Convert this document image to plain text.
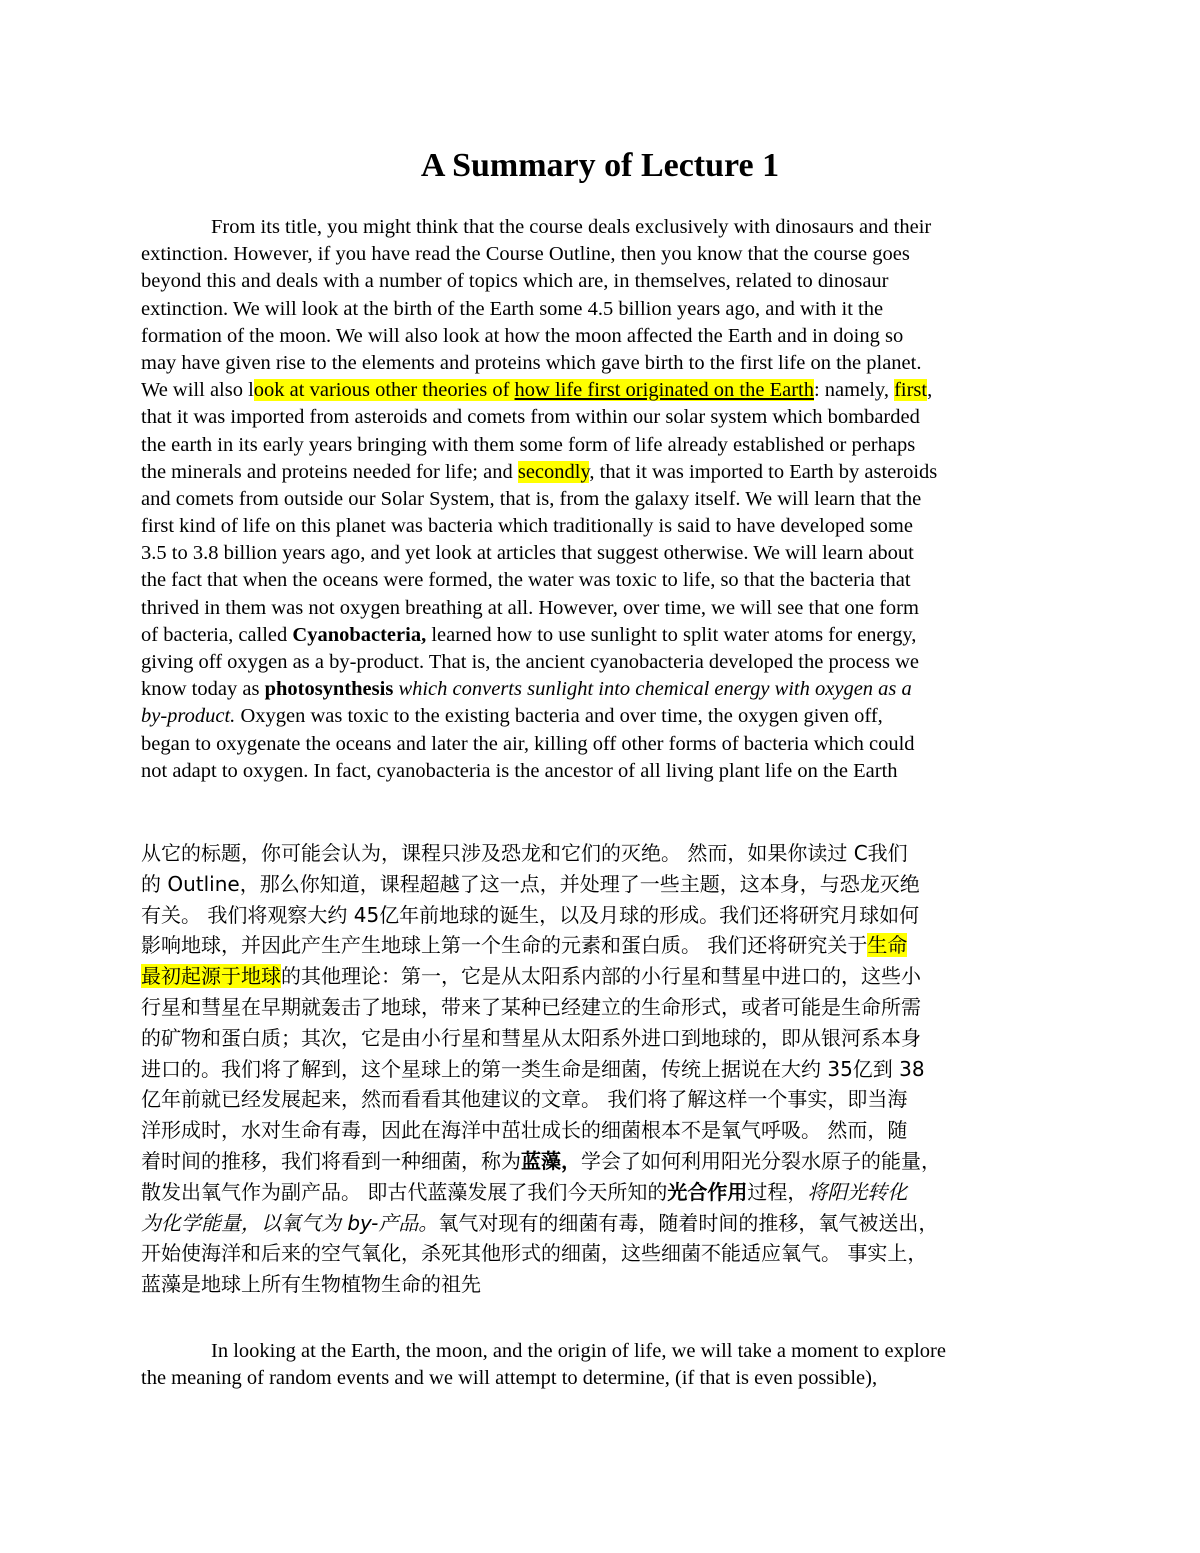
A Summary of Lecture 1
From its title, you might think that the course deals exclusively with dinosaurs and their
extinction. However, if you have read the Course Outline, then you know that the course goes
beyond this and deals with a number of topics which are, in themselves, related to dinosaur
extinction. We will look at the birth of the Earth some 4.5 billion years ago, and with it the
formation of the moon. We will also look at how the moon affected the Earth and in doing so
may have given rise to the elements and proteins which gave birth to the first life on the planet.
We will also look at various other theories of how life first originated on the Earth: namely, first,
that it was imported from asteroids and comets from within our solar system which bombarded
the earth in its early years bringing with them some form of life already established or perhaps
the minerals and proteins needed for life; and secondly, that it was imported to Earth by asteroids
and comets from outside our Solar System, that is, from the galaxy itself. We will learn that the
first kind of life on this planet was bacteria which traditionally is said to have developed some
3.5 to 3.8 billion years ago, and yet look at articles that suggest otherwise. We will learn about
the fact that when the oceans were formed, the water was toxic to life, so that the bacteria that
thrived in them was not oxygen breathing at all. However, over time, we will see that one form
of bacteria, called Cyanobacteria, learned how to use sunlight to split water atoms for energy,
giving off oxygen as a by-product. That is, the ancient cyanobacteria developed the process we
know today as photosynthesis which converts sunlight into chemical energy with oxygen as a
by-product. Oxygen was toxic to the existing bacteria and over time, the oxygen given off,
began to oxygenate the oceans and later the air, killing off other forms of bacteria which could
not adapt to oxygen. In fact, cyanobacteria is the ancestor of all living plant life on the Earth
从它的标题，你可能会认为，课程只涉及恐龙和它们的灭绝。 然而，如果你读过 C我们
的 Outline，那么你知道，课程超越了这一点，并处理了一些主题，这本身，与恐龙灭绝
有关。 我们将观察大约 45亿年前地球的诞生，以及月球的形成。我们还将研究月球如何
影响地球，并因此产生产生地球上第一个生命的元素和蛋白质。 我们还将研究关于生命
最初起源于地球的其他理论：第一，它是从太阳系内部的小行星和彗星中进口的，这些小
行星和彗星在早期就轰击了地球，带来了某种已经建立的生命形式，或者可能是生命所需
的矿物和蛋白质；其次，它是由小行星和彗星从太阳系外进口到地球的，即从银河系本身
进口的。我们将了解到，这个星球上的第一类生命是细菌，传统上据说在大约 35亿到 38
亿年前就已经发展起来，然而看看其他建议的文章。 我们将了解这样一个事实，即当海
洋形成时，水对生命有毒，因此在海洋中茁壮成长的细菌根本不是氧气呼吸。 然而，随
着时间的推移，我们将看到一种细菌，称为蓝藻，学会了如何利用阳光分裂水原子的能量，
散发出氧气作为副产品。 即古代蓝藻发展了我们今天所知的光合作用过程，将阳光转化
为化学能量，以氧气为 by-产品。氧气对现有的细菌有毒，随着时间的推移，氧气被送出，
开始使海洋和后来的空气氧化，杀死其他形式的细菌，这些细菌不能适应氧气。 事实上，
蓝藻是地球上所有生物植物生命的祖先
In looking at the Earth, the moon, and the origin of life, we will take a moment to explore
the meaning of random events and we will attempt to determine, (if that is even possible),
